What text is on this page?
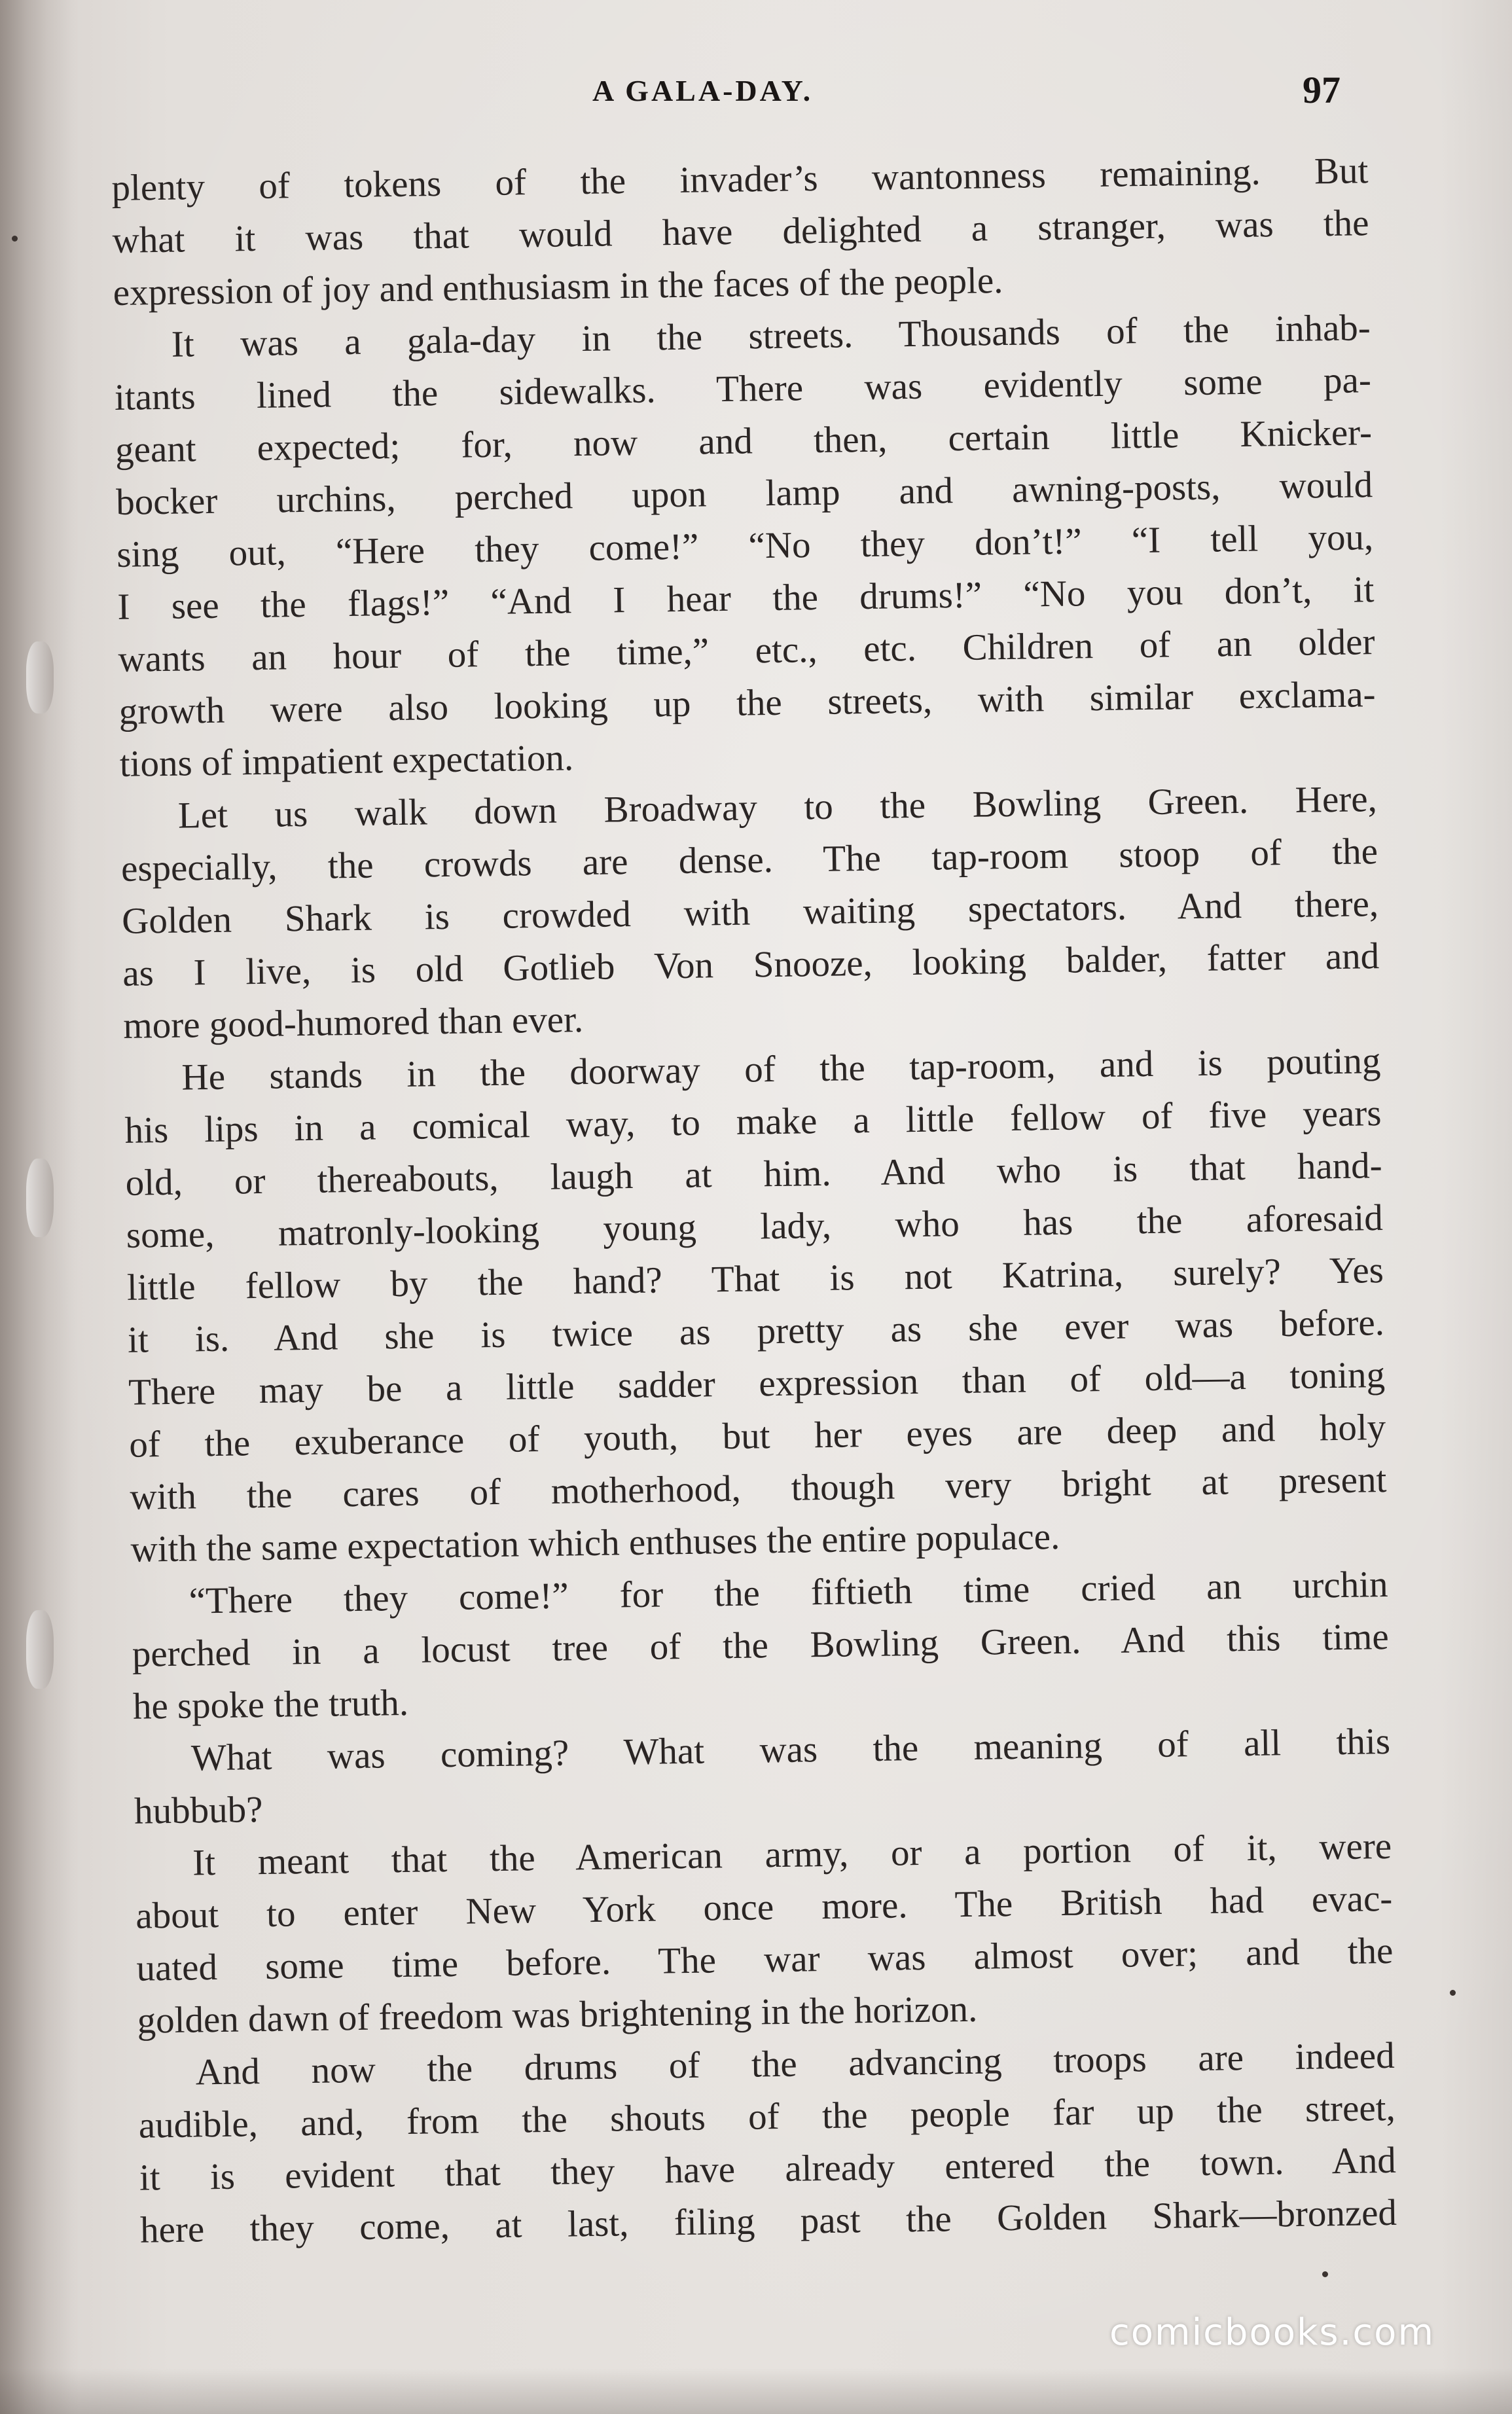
A GALA-DAY.	97
plenty of tokens of the invader’s wantonness remaining. But
what it was that would have delighted a stranger, was the
expression of joy and enthusiasm in the faces of the people.
It was a gala-day in the streets. Thousands of the inhab-
itants lined the sidewalks. There was evidently some pa-
geant expected; for, now and then, certain little Knicker-
bocker urchins, perched upon lamp and awning-posts, would
sing out, “Here they come!” “No they don’t!” “I tell you,
I see the flags!” “And I hear the drums!” “No you don’t, it
wants an hour of the time,” etc., etc. Children of an older
growth were also looking up the streets, with similar exclama-
tions of impatient expectation.
Let us walk down Broadway to the Bowling Green. Here,
especially, the crowds are dense. The tap-room stoop of the
Golden Shark is crowded with waiting spectators. And there,
as I live, is old Gotlieb Von Snooze, looking balder, fatter and
more good-humored than ever.
He stands in the doorway of the tap-room, and is pouting
his lips in a comical way, to make a little fellow of five years
old, or thereabouts, laugh at him. And who is that hand-
some, matronly-looking young lady, who has the aforesaid
little fellow by the hand? That is not Katrina, surely? Yes
it is. And she is twice as pretty as she ever was before.
There may be a little sadder expression than of old—a toning
of the exuberance of youth, but her eyes are deep and holy
with the cares of motherhood, though very bright at present
with the same expectation which enthuses the entire populace.
“There they come!” for the fiftieth time cried an urchin
perched in a locust tree of the Bowling Green. And this time
he spoke the truth.
What was coming? What was the meaning of all this
hubbub?
It meant that the American army, or a portion of it, were
about to enter New York once more. The British had evac-
uated some time before. The war was almost over; and the
golden dawn of freedom was brightening in the horizon.
And now the drums of the advancing troops are indeed
audible, and, from the shouts of the people far up the street,
it is evident that they have already entered the town. And
here they come, at last, filing past the Golden Shark—bronzed
comicbooks.com
